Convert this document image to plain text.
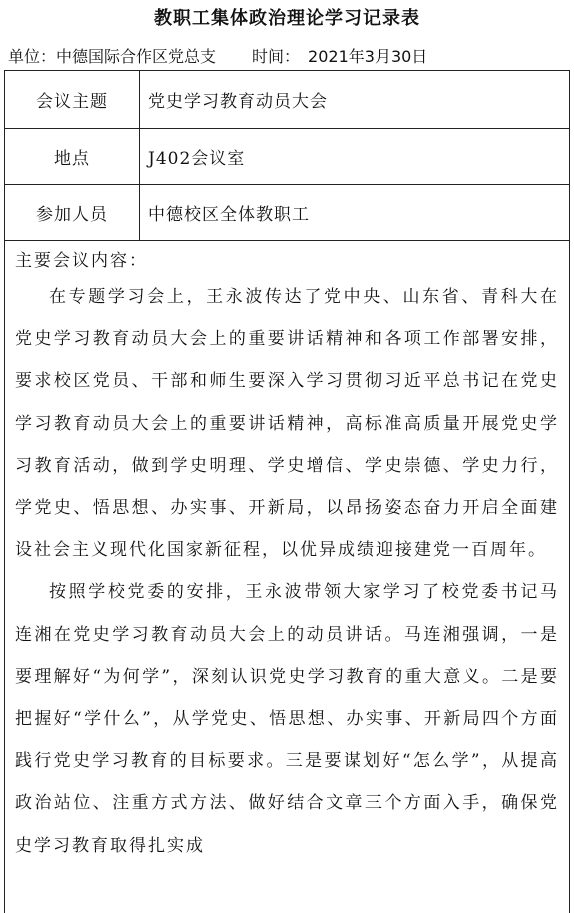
教职工集体政治理论学习记录表
单位：中德国际合作区党总支 时间： 2021年3月30日
会议主题	党史学习教育动员大会
地点	J402会议室
参加人员	中德校区全体教职工

主要会议内容：

在专题学习会上，王永波传达了党中央、山东省、青科大在党史学习教育动员大会上的重要讲话精神和各项工作部署安排，要求校区党员、干部和师生要深入学习贯彻习近平总书记在党史学习教育动员大会上的重要讲话精神，高标准高质量开展党史学习教育活动，做到学史明理、学史增信、学史崇德、学史力行，学党史、悟思想、办实事、开新局，以昂扬姿态奋力开启全面建设社会主义现代化国家新征程，以优异成绩迎接建党一百周年。

按照学校党委的安排，王永波带领大家学习了校党委书记马连湘在党史学习教育动员大会上的动员讲话。马连湘强调，一是要理解好“为何学”，深刻认识党史学习教育的重大意义。二是要把握好“学什么”，从学党史、悟思想、办实事、开新局四个方面践行党史学习教育的目标要求。三是要谋划好“怎么学”，从提高政治站位、注重方式方法、做好结合文章三个方面入手，确保党史学习教育取得扎实成
